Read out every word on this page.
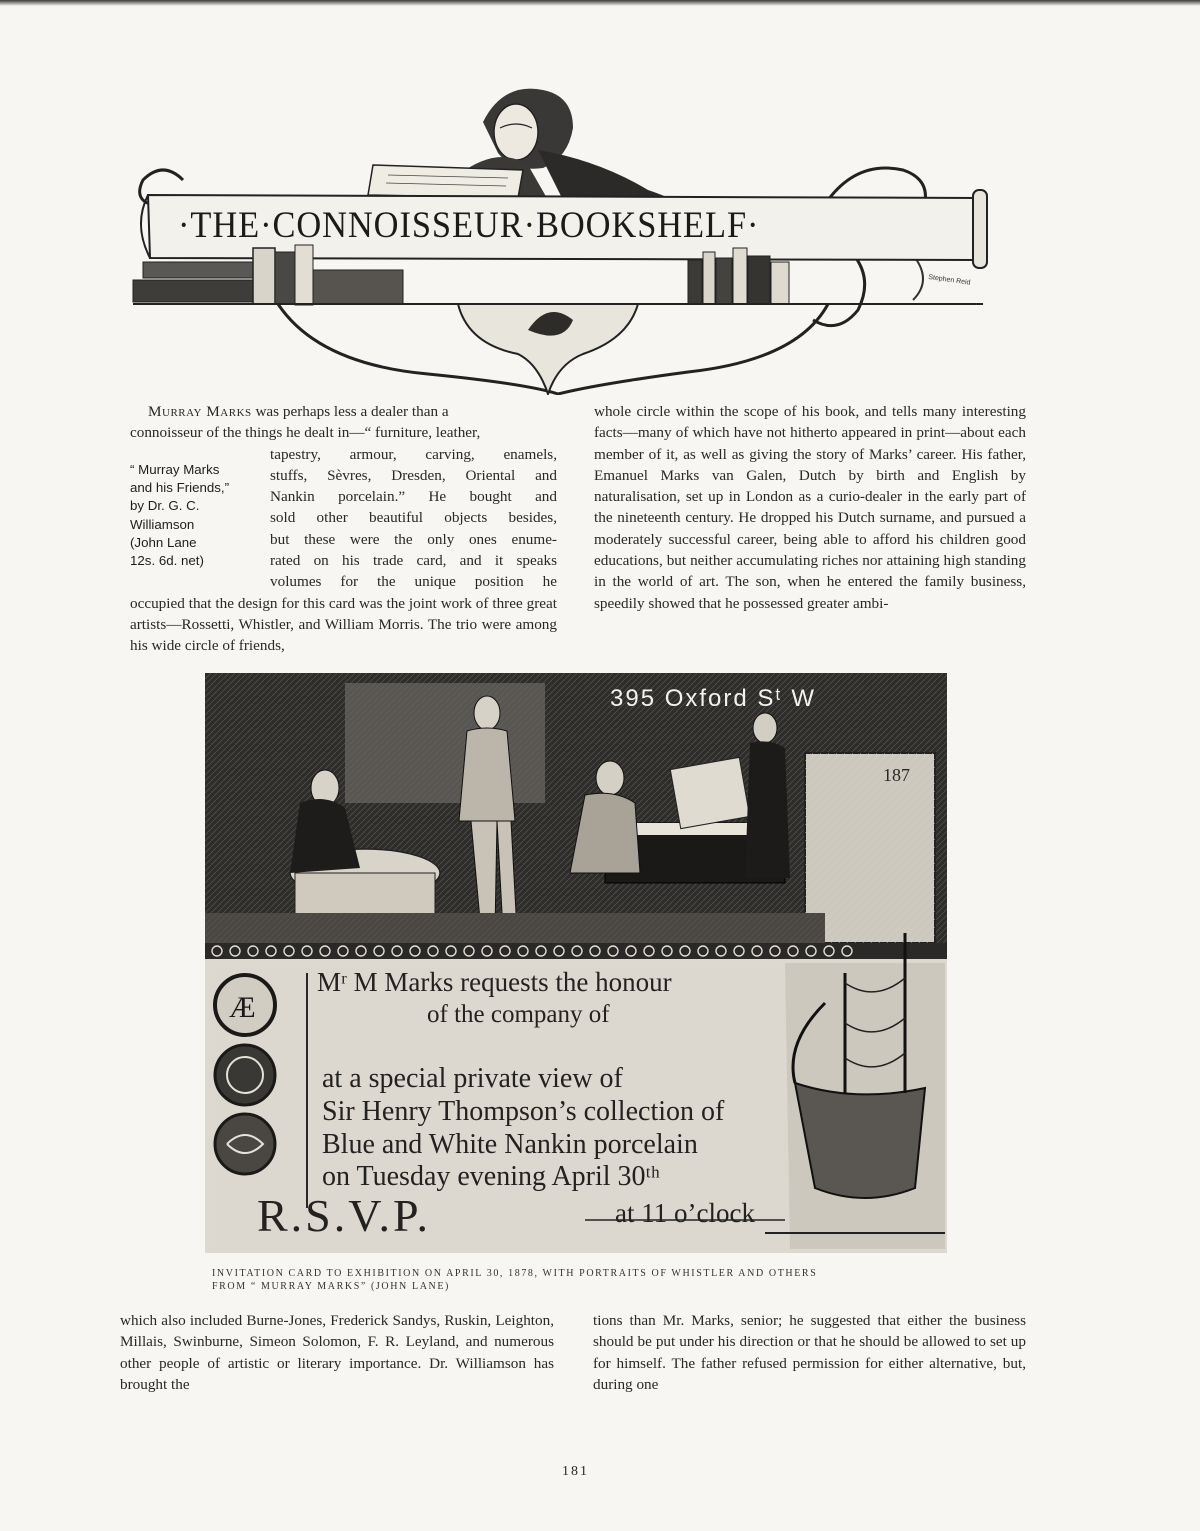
·THE·CONNOISSEUR·BOOKSHELF·
Stephen Reid

Murray Marks was perhaps less a dealer than a

connoisseur of the things he dealt in—“ furniture, leather,

tapestry, armour, carving, enamels,
stuffs, Sèvres, Dresden, Oriental and
Nankin porcelain.” He bought and
sold other beautiful objects besides,
but these were the only ones enume-
rated on his trade card, and it speaks
volumes for the unique position he

occupied that the design for this card was the joint work of three great artists—Rossetti, Whistler, and William Morris. The trio were among his wide circle of friends,

“ Murray Marks
and his Friends,”
by Dr. G. C.
Williamson
(John Lane
12s. 6d. net)

whole circle within the scope of his book, and tells many interesting facts—many of which have not hitherto appeared in print—about each member of it, as well as giving the story of Marks’ career. His father, Emanuel Marks van Galen, Dutch by birth and English by naturalisation, set up in London as a curio-dealer in the early part of the nineteenth century. He dropped his Dutch surname, and pursued a moderately successful career, being able to afford his children good educations, but neither accumulating riches nor attaining high standing in the world of art. The son, when he entered the family business, speedily showed that he possessed greater ambi-

Æ
395 Oxford Sᵗ W
187
Mʳ M Marks requests the honour
of the company of
at a special private view of
Sir Henry Thompson’s collection of
Blue and White Nankin porcelain
on Tuesday evening April 30ᵗʰ
R.S.V.P.	at 11 o’clock
INVITATION CARD TO EXHIBITION ON APRIL 30, 1878, WITH PORTRAITS OF WHISTLER AND OTHERS
FROM “ MURRAY MARKS” (JOHN LANE)

which also included Burne-Jones, Frederick Sandys, Ruskin, Leighton, Millais, Swinburne, Simeon Solomon, F. R. Leyland, and numerous other people of artistic or literary importance. Dr. Williamson has brought the

tions than Mr. Marks, senior; he suggested that either the business should be put under his direction or that he should be allowed to set up for himself. The father refused permission for either alternative, but, during one

181
